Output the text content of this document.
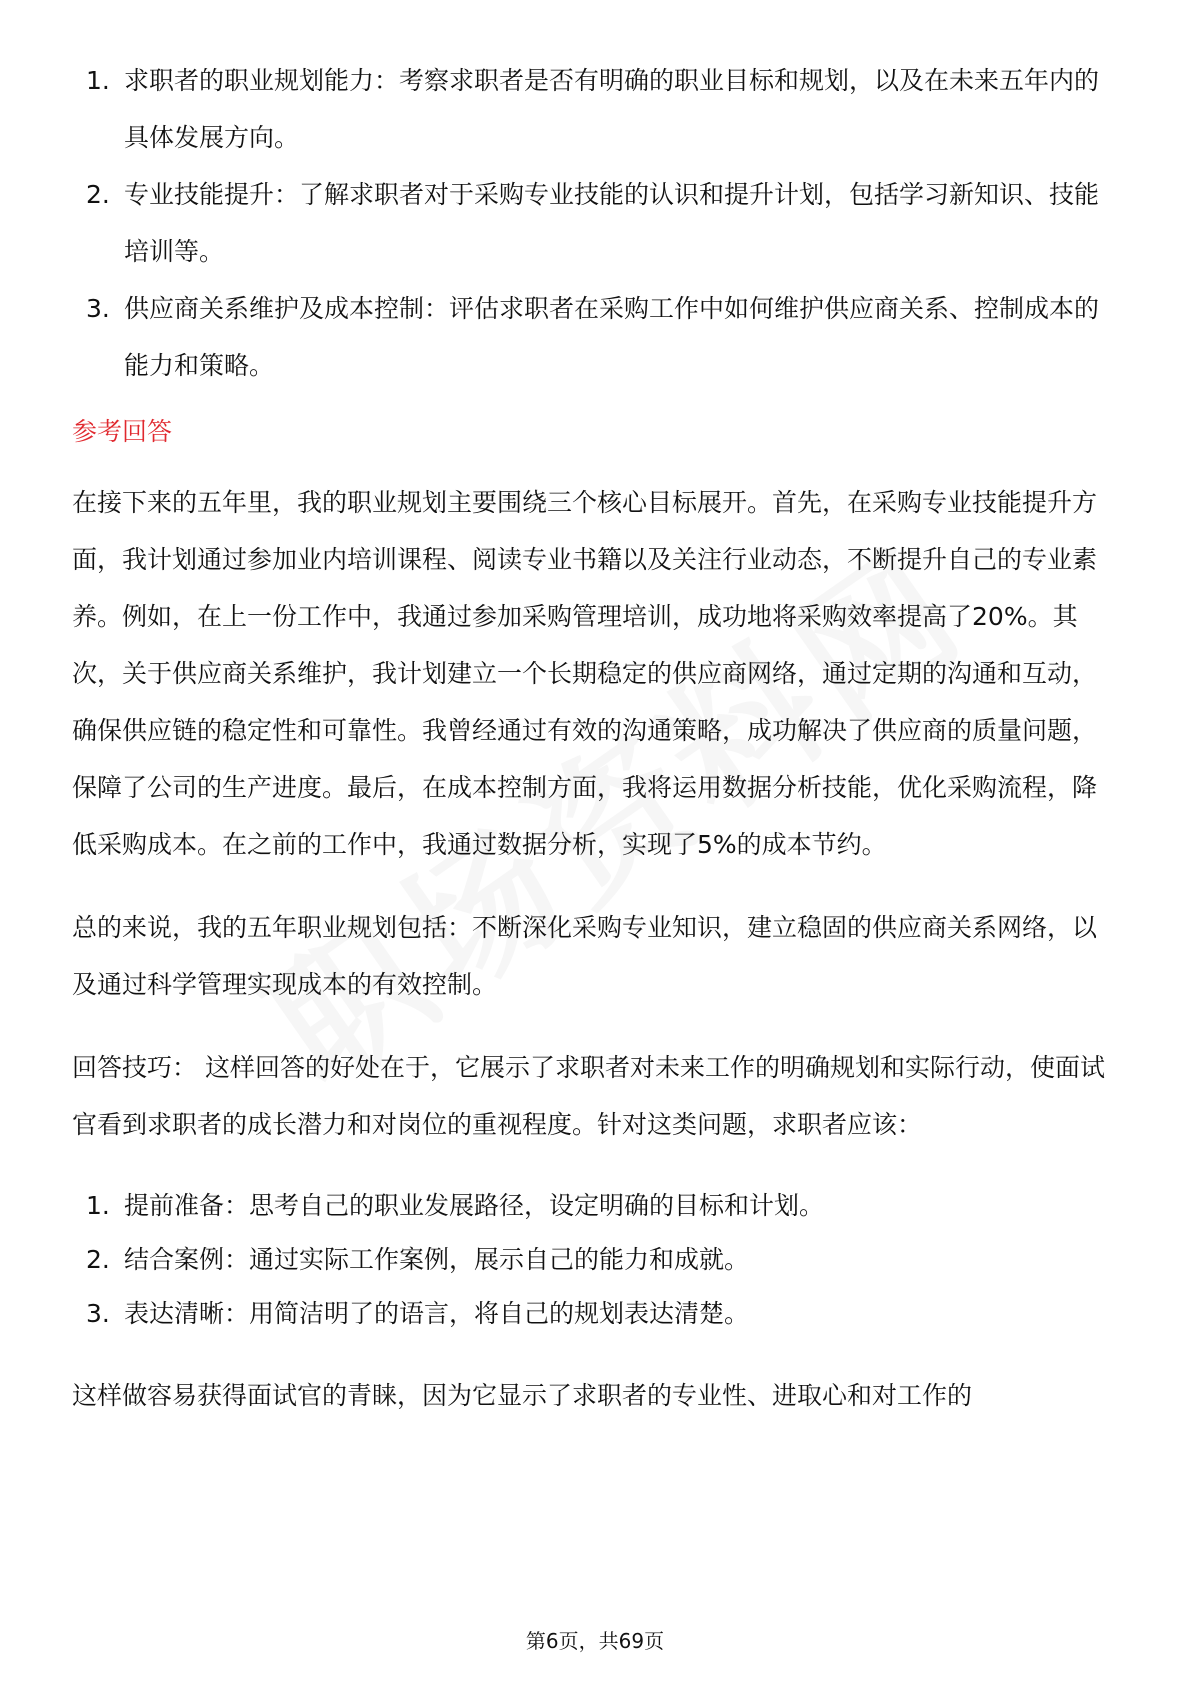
1. 求职者的职业规划能力：考察求职者是否有明确的职业目标和规划，以及在未来五年内的具体发展方向。
2. 专业技能提升：了解求职者对于采购专业技能的认识和提升计划，包括学习新知识、技能培训等。
3. 供应商关系维护及成本控制：评估求职者在采购工作中如何维护供应商关系、控制成本的能力和策略。
参考回答

在接下来的五年里，我的职业规划主要围绕三个核心目标展开。首先，在采购专业技能提升方面，我计划通过参加业内培训课程、阅读专业书籍以及关注行业动态，不断提升自己的专业素养。例如，在上一份工作中，我通过参加采购管理培训，成功地将采购效率提高了20%。其次，关于供应商关系维护，我计划建立一个长期稳定的供应商网络，通过定期的沟通和互动，确保供应链的稳定性和可靠性。我曾经通过有效的沟通策略，成功解决了供应商的质量问题，保障了公司的生产进度。最后，在成本控制方面，我将运用数据分析技能，优化采购流程，降低采购成本。在之前的工作中，我通过数据分析，实现了5%的成本节约。

总的来说，我的五年职业规划包括：不断深化采购专业知识，建立稳固的供应商关系网络，以及通过科学管理实现成本的有效控制。

回答技巧： 这样回答的好处在于，它展示了求职者对未来工作的明确规划和实际行动，使面试官看到求职者的成长潜力和对岗位的重视程度。针对这类问题，求职者应该：

1. 提前准备：思考自己的职业发展路径，设定明确的目标和计划。
2. 结合案例：通过实际工作案例，展示自己的能力和成就。
3. 表达清晰：用简洁明了的语言，将自己的规划表达清楚。

这样做容易获得面试官的青睐，因为它显示了求职者的专业性、进取心和对工作的

第6页，共69页
